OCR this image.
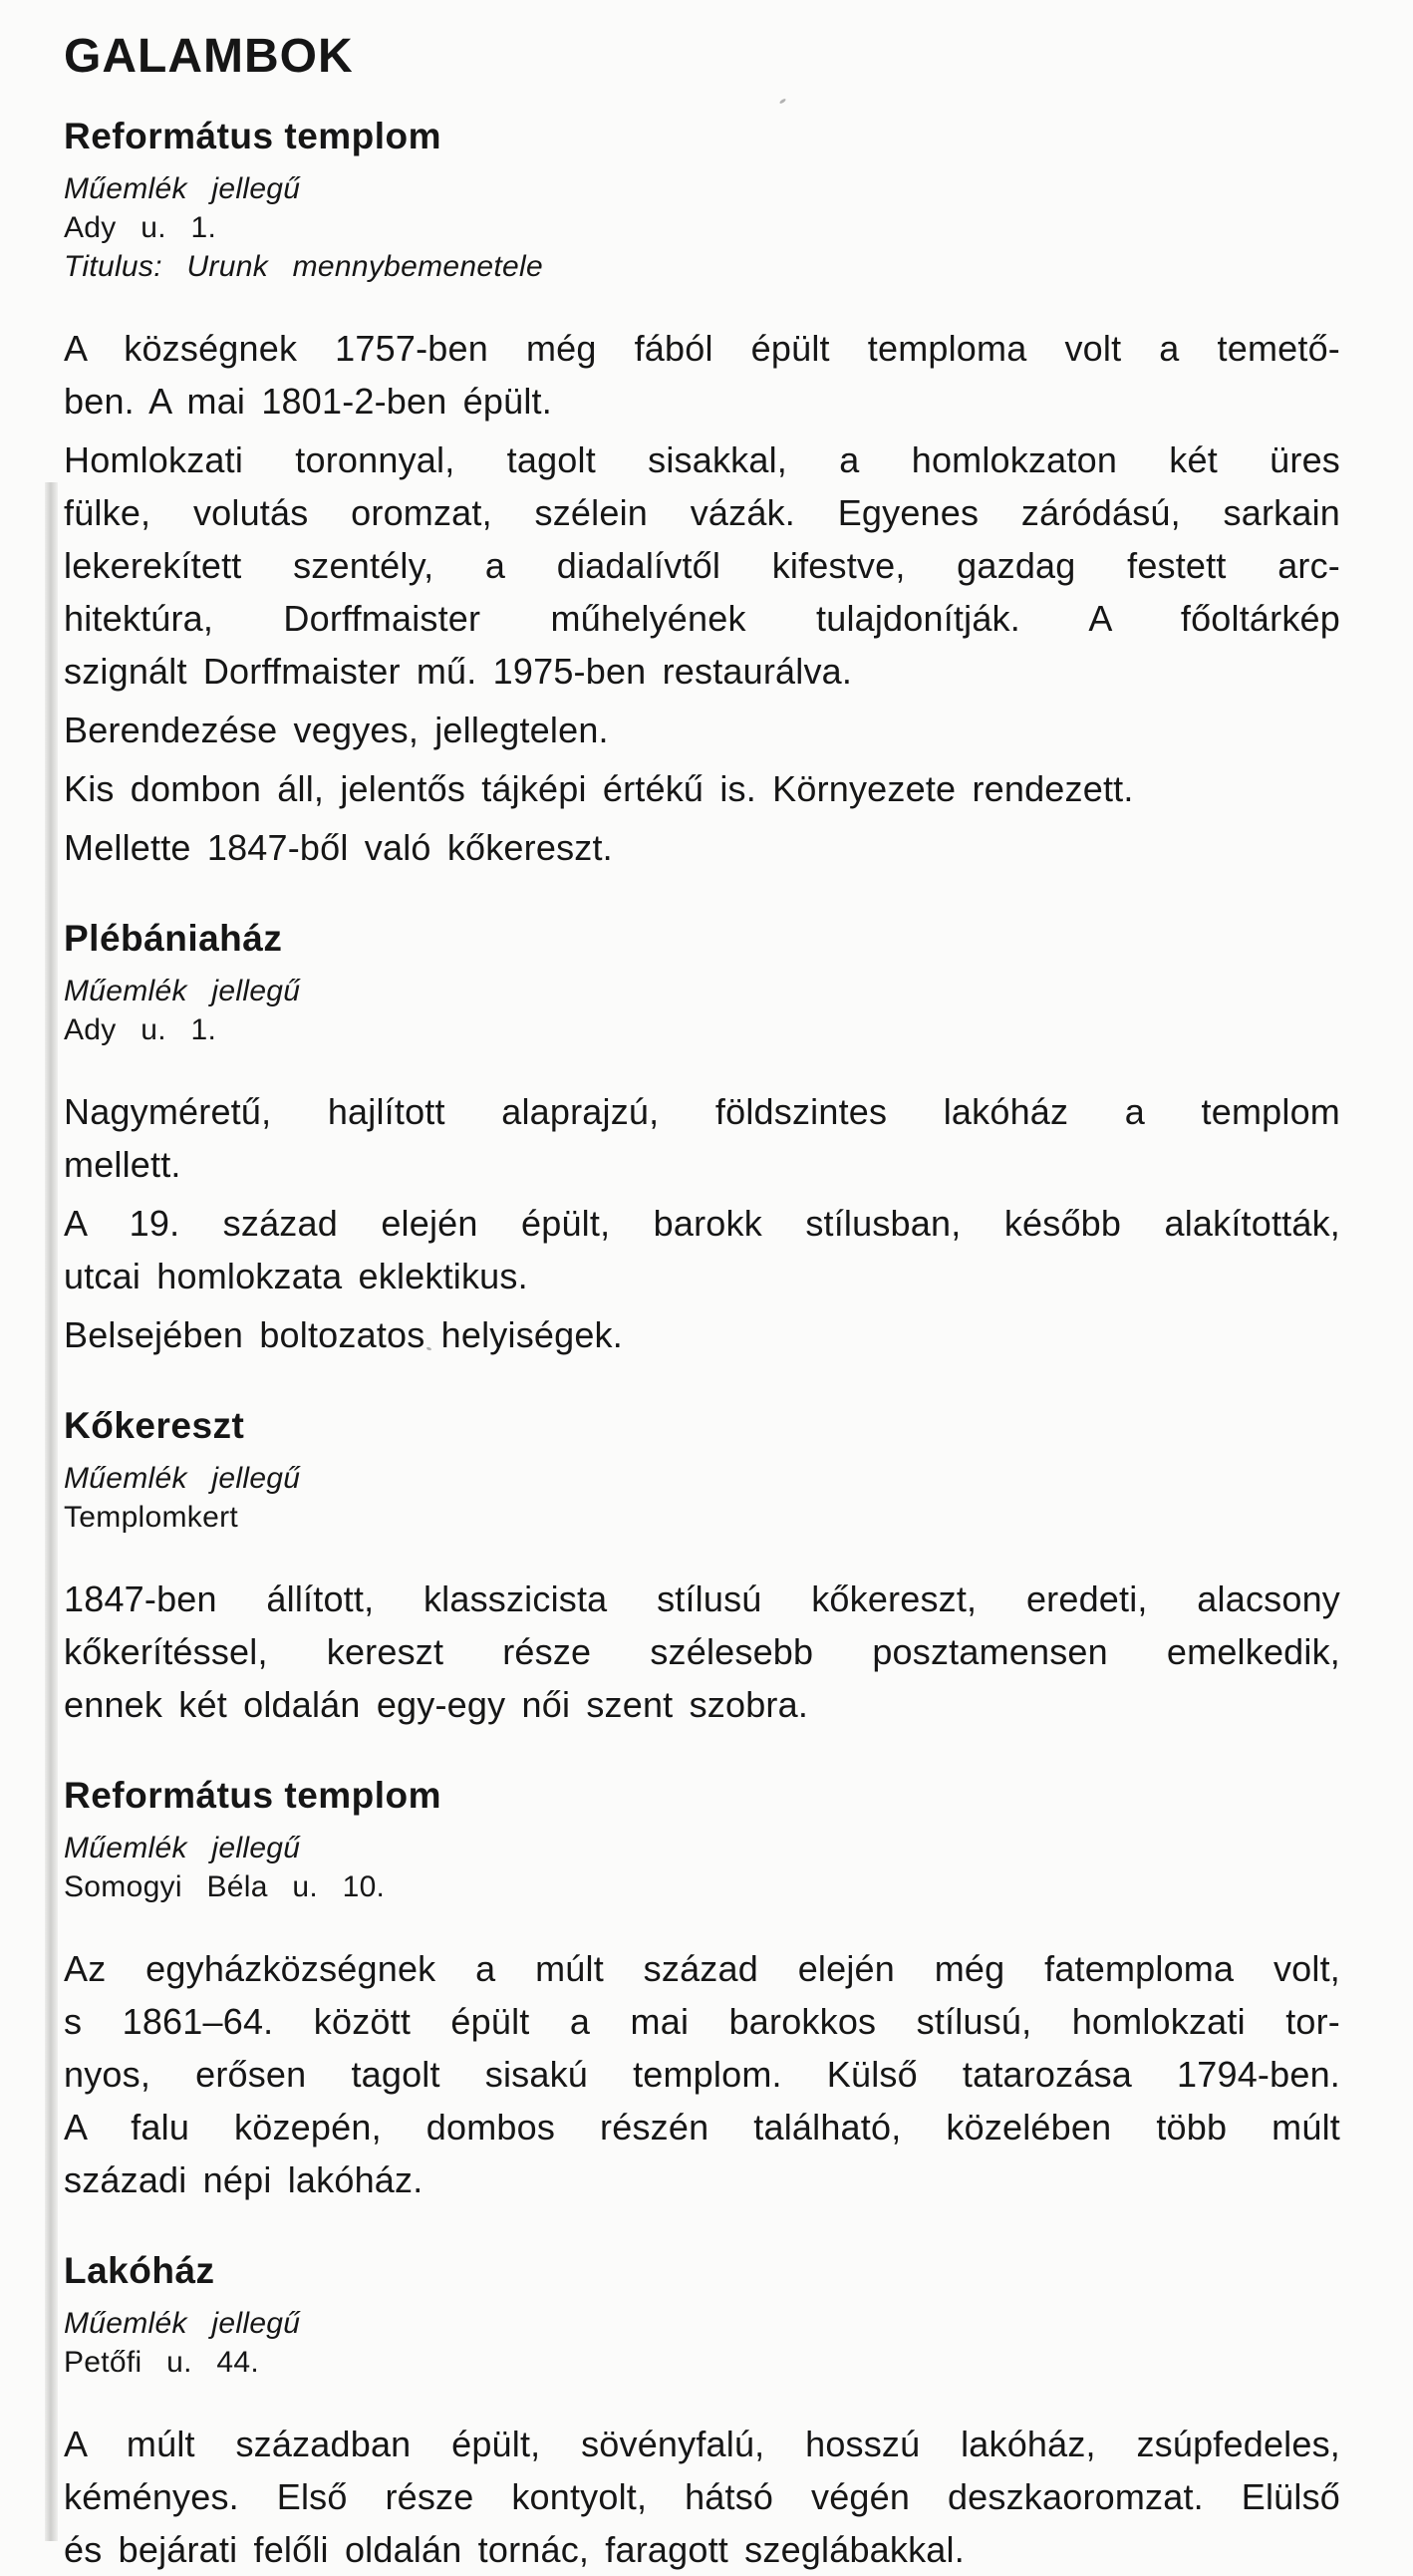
GALAMBOK
Református templom
Műemlék jellegű
Ady u. 1.
Titulus: Urunk mennybemenetele
A községnek 1757-ben még fából épült temploma volt a temető-
ben. A mai 1801-2-ben épült.
Homlokzati toronnyal, tagolt sisakkal, a homlokzaton két üres
fülke, volutás oromzat, szélein vázák. Egyenes záródású, sarkain
lekerekített szentély, a diadalívtől kifestve, gazdag festett arc-
hitektúra, Dorffmaister műhelyének tulajdonítják. A főoltárkép
szignált Dorffmaister mű. 1975-ben restaurálva.
Berendezése vegyes, jellegtelen.
Kis dombon áll, jelentős tájképi értékű is. Környezete rendezett.
Mellette 1847-ből való kőkereszt.
Plébániaház
Műemlék jellegű
Ady u. 1.
Nagyméretű, hajlított alaprajzú, földszintes lakóház a templom
mellett.
A 19. század elején épült, barokk stílusban, később alakították,
utcai homlokzata eklektikus.
Belsejében boltozatos helyiségek.
Kőkereszt
Műemlék jellegű
Templomkert
1847-ben állított, klasszicista stílusú kőkereszt, eredeti, alacsony
kőkerítéssel, kereszt része szélesebb posztamensen emelkedik,
ennek két oldalán egy-egy női szent szobra.
Református templom
Műemlék jellegű
Somogyi Béla u. 10.
Az egyházközségnek a múlt század elején még fatemploma volt,
s 1861–64. között épült a mai barokkos stílusú, homlokzati tor-
nyos, erősen tagolt sisakú templom. Külső tatarozása 1794-ben.
A falu közepén, dombos részén található, közelében több múlt
századi népi lakóház.
Lakóház
Műemlék jellegű
Petőfi u. 44.
A múlt században épült, sövényfalú, hosszú lakóház, zsúpfedeles,
kéményes. Első része kontyolt, hátsó végén deszkaoromzat. Elülső
és bejárati felőli oldalán tornác, faragott szeglábakkal.
